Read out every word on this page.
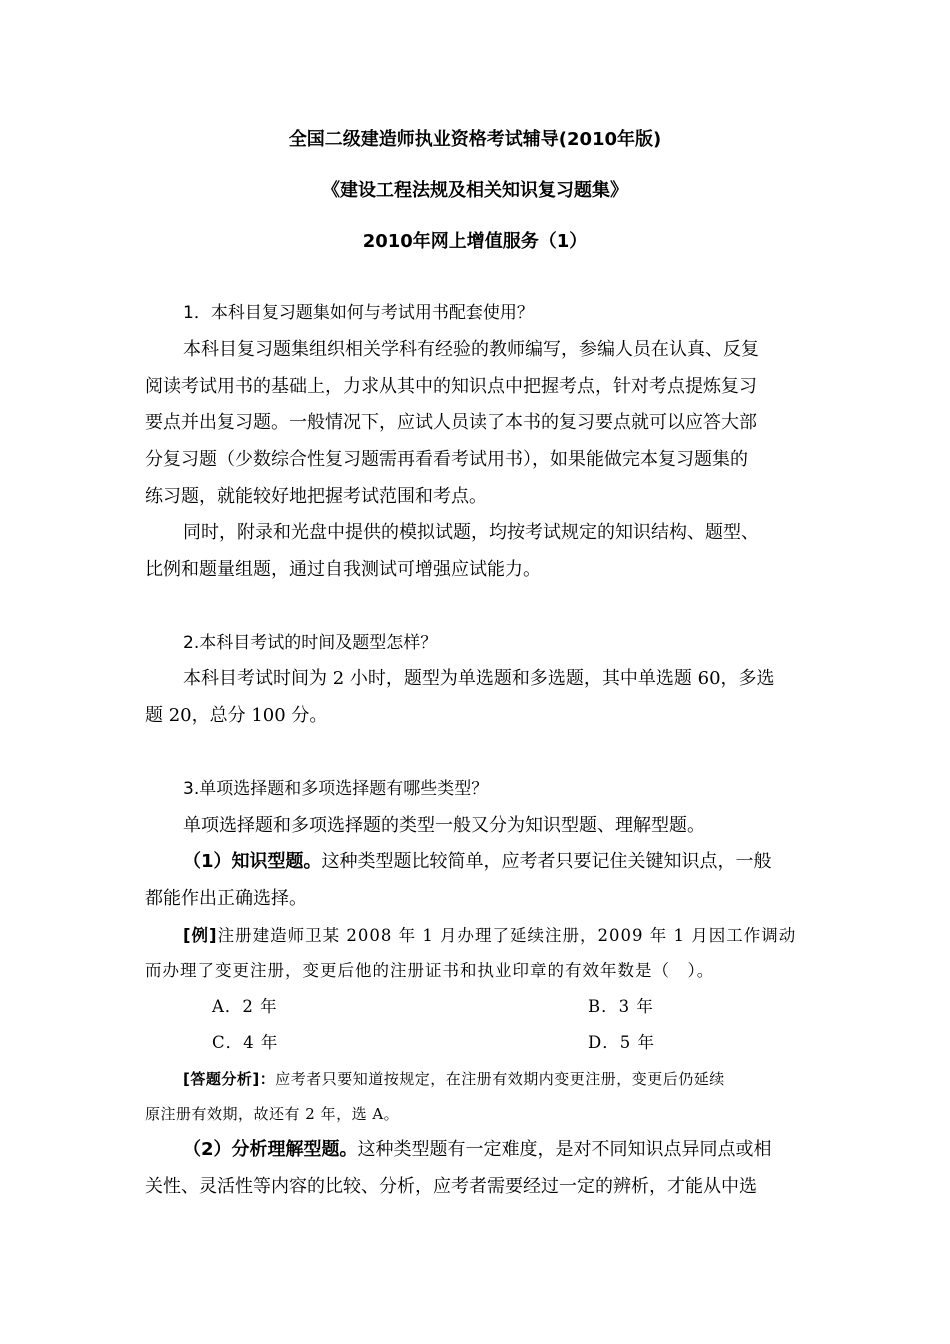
全国二级建造师执业资格考试辅导(2010年版)
《建设工程法规及相关知识复习题集》
2010年网上增值服务（1）
1．本科目复习题集如何与考试用书配套使用？
本科目复习题集组织相关学科有经验的教师编写，参编人员在认真、反复
阅读考试用书的基础上，力求从其中的知识点中把握考点，针对考点提炼复习
要点并出复习题。一般情况下，应试人员读了本书的复习要点就可以应答大部
分复习题（少数综合性复习题需再看看考试用书），如果能做完本复习题集的
练习题，就能较好地把握考试范围和考点。
同时，附录和光盘中提供的模拟试题，均按考试规定的知识结构、题型、
比例和题量组题，通过自我测试可增强应试能力。
2.本科目考试的时间及题型怎样？
本科目考试时间为 2 小时，题型为单选题和多选题，其中单选题 60，多选
题 20，总分 100 分。
3.单项选择题和多项选择题有哪些类型？
单项选择题和多项选择题的类型一般又分为知识型题、理解型题。
（1）知识型题。这种类型题比较简单，应考者只要记住关键知识点，一般
都能作出正确选择。
[例]注册建造师卫某 2008 年 1 月办理了延续注册，2009 年 1 月因工作调动
而办理了变更注册，变更后他的注册证书和执业印章的有效年数是（　）。
A．2 年	B．3 年
C．4 年	D．5 年
[答题分析]：应考者只要知道按规定，在注册有效期内变更注册，变更后仍延续
原注册有效期，故还有 2 年，选 A。
（2）分析理解型题。这种类型题有一定难度，是对不同知识点异同点或相
关性、灵活性等内容的比较、分析，应考者需要经过一定的辨析，才能从中选
